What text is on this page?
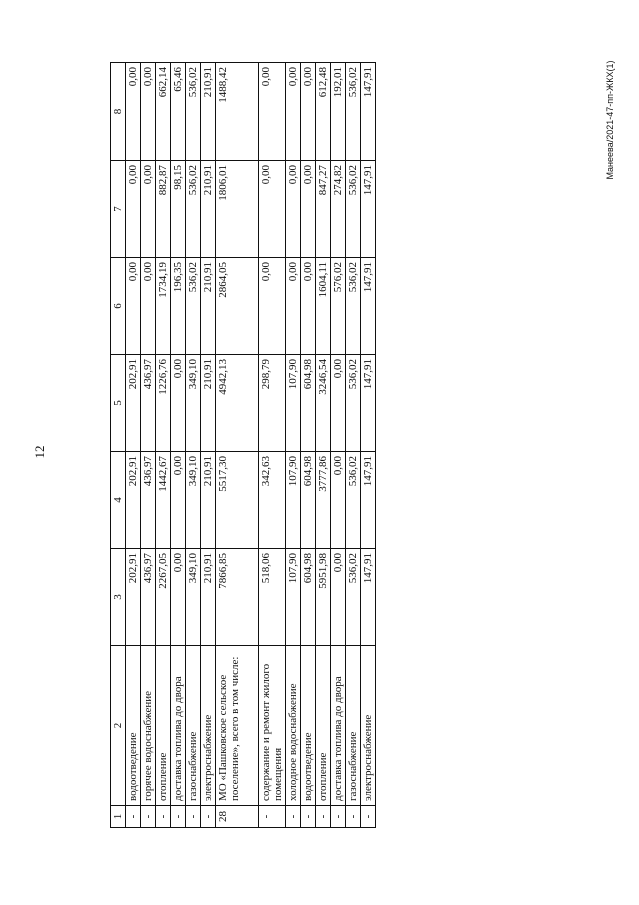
12
Манеева/2021-47-пп-ЖКХ(1)
1	2	3	4	5	6	7	8
-	водоотведение	202,91	202,91	202,91	0,00	0,00	0,00
-	горячее водоснабжение	436,97	436,97	436,97	0,00	0,00	0,00
-	отопление	2267,05	1442,67	1226,76	1734,19	882,87	662,14
-	доставка топлива до двора	0,00	0,00	0,00	196,35	98,15	65,46
-	газоснабжение	349,10	349,10	349,10	536,02	536,02	536,02
-	электроснабжение	210,91	210,91	210,91	210,91	210,91	210,91
28	МО «Пашковское сельское поселение», всего в том числе:	7866,85	5517,30	4942,13	2864,05	1806,01	1488,42
-	содержание и ремонт жилого помещения	518,06	342,63	298,79	0,00	0,00	0,00
-	холодное водоснабжение	107,90	107,90	107,90	0,00	0,00	0,00
-	водоотведение	604,98	604,98	604,98	0,00	0,00	0,00
-	отопление	5951,98	3777,86	3246,54	1604,11	847,27	612,48
-	доставка топлива до двора	0,00	0,00	0,00	576,02	274,82	192,01
-	газоснабжение	536,02	536,02	536,02	536,02	536,02	536,02
-	электроснабжение	147,91	147,91	147,91	147,91	147,91	147,91
